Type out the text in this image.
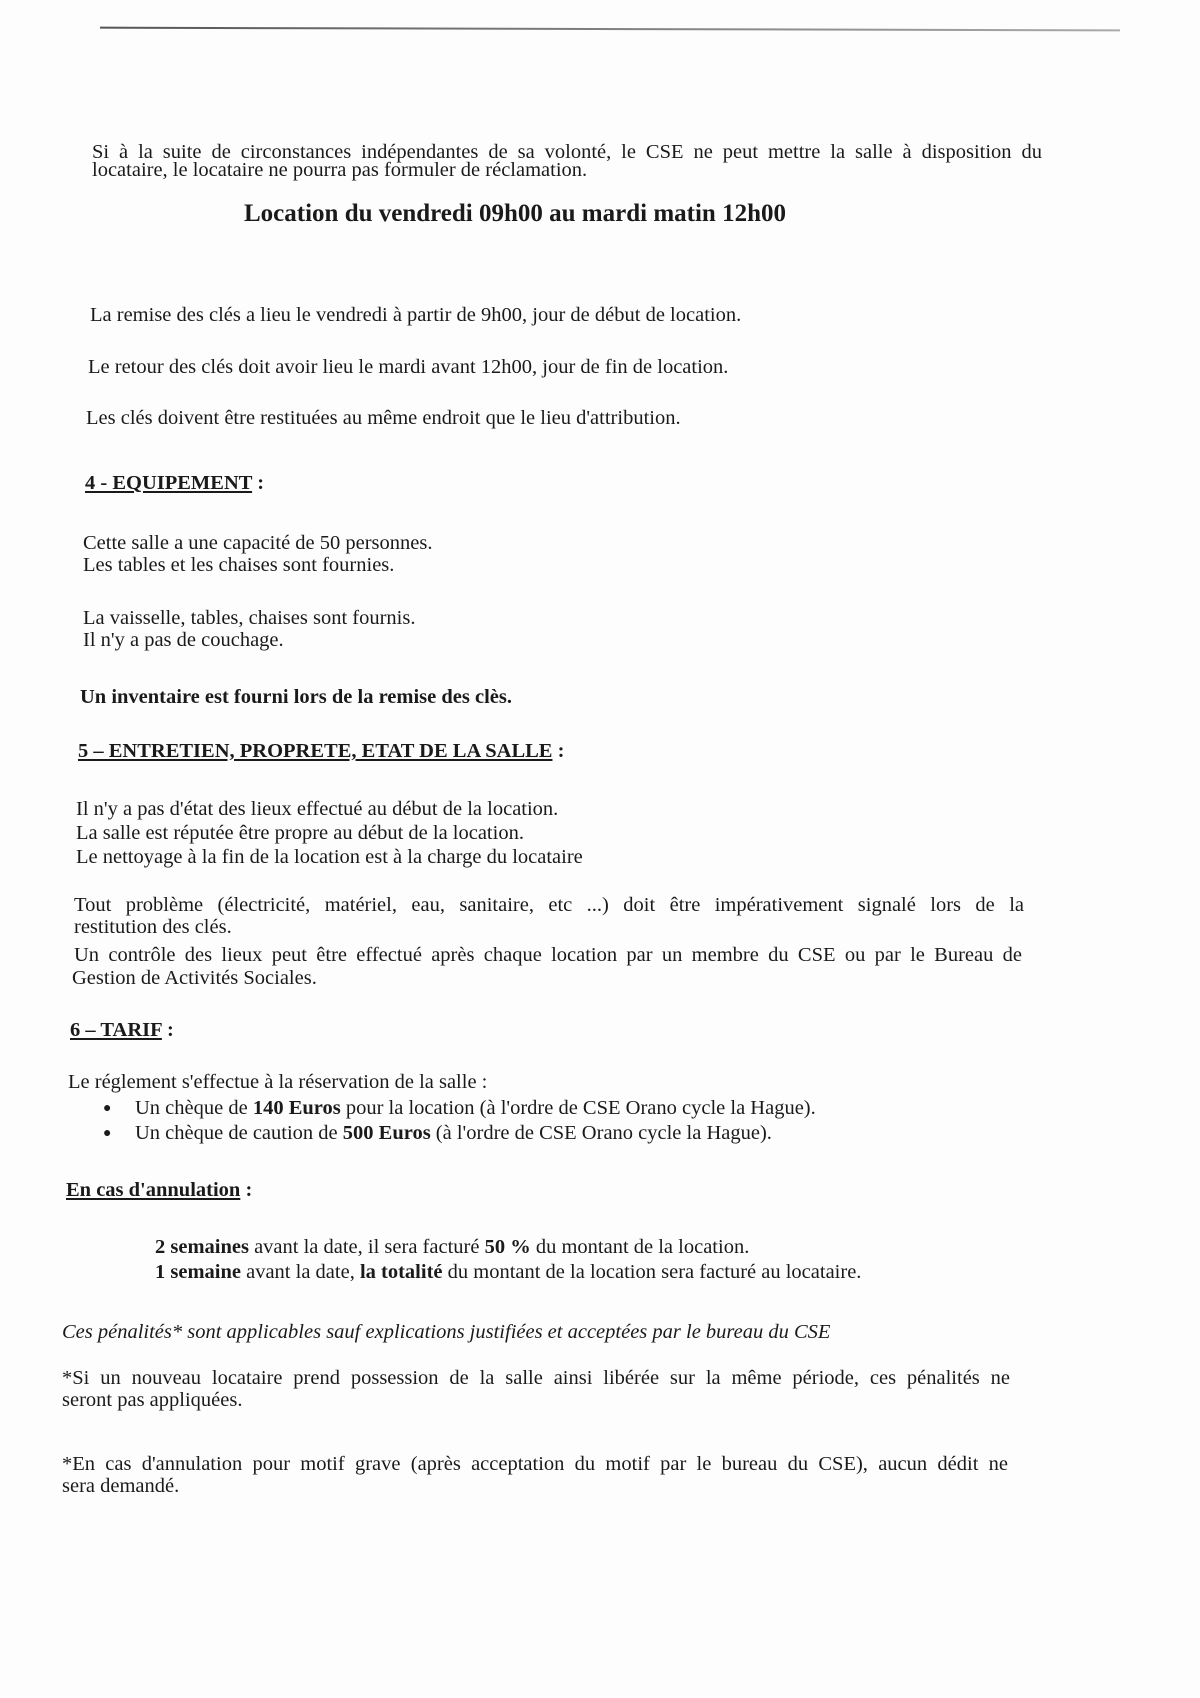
Si à la suite de circonstances indépendantes de sa volonté, le CSE ne peut mettre la salle à disposition du
locataire, le locataire ne pourra pas formuler de réclamation.
Location du vendredi 09h00 au mardi matin 12h00
La remise des clés a lieu le vendredi à partir de 9h00, jour de début de location.
Le retour des clés doit avoir lieu le mardi avant 12h00, jour de fin de location.
Les clés doivent être restituées au même endroit que le lieu d'attribution.
4 - EQUIPEMENT :
Cette salle a une capacité de 50 personnes.
Les tables et les chaises sont fournies.
La vaisselle, tables, chaises sont fournis.
Il n'y a pas de couchage.
Un inventaire est fourni lors de la remise des clès.
5 – ENTRETIEN, PROPRETE, ETAT DE LA SALLE :
Il n'y a pas d'état des lieux effectué au début de la location.
La salle est réputée être propre au début de la location.
Le nettoyage à la fin de la location est à la charge du locataire
Tout problème (électricité, matériel, eau, sanitaire, etc ...) doit être impérativement signalé lors de la
restitution des clés.
Un contrôle des lieux peut être effectué après chaque location par un membre du CSE ou par le Bureau de
Gestion de Activités Sociales.
6 – TARIF :
Le réglement s'effectue à la réservation de la salle :
● Un chèque de 140 Euros pour la location (à l'ordre de CSE Orano cycle la Hague).
● Un chèque de caution de 500 Euros (à l'ordre de CSE Orano cycle la Hague).
En cas d'annulation :
2 semaines avant la date, il sera facturé 50 % du montant de la location.
1 semaine avant la date, la totalité du montant de la location sera facturé au locataire.
Ces pénalités* sont applicables sauf explications justifiées et acceptées par le bureau du CSE
*Si un nouveau locataire prend possession de la salle ainsi libérée sur la même période, ces pénalités ne
seront pas appliquées.
*En cas d'annulation pour motif grave (après acceptation du motif par le bureau du CSE), aucun dédit ne
sera demandé.
